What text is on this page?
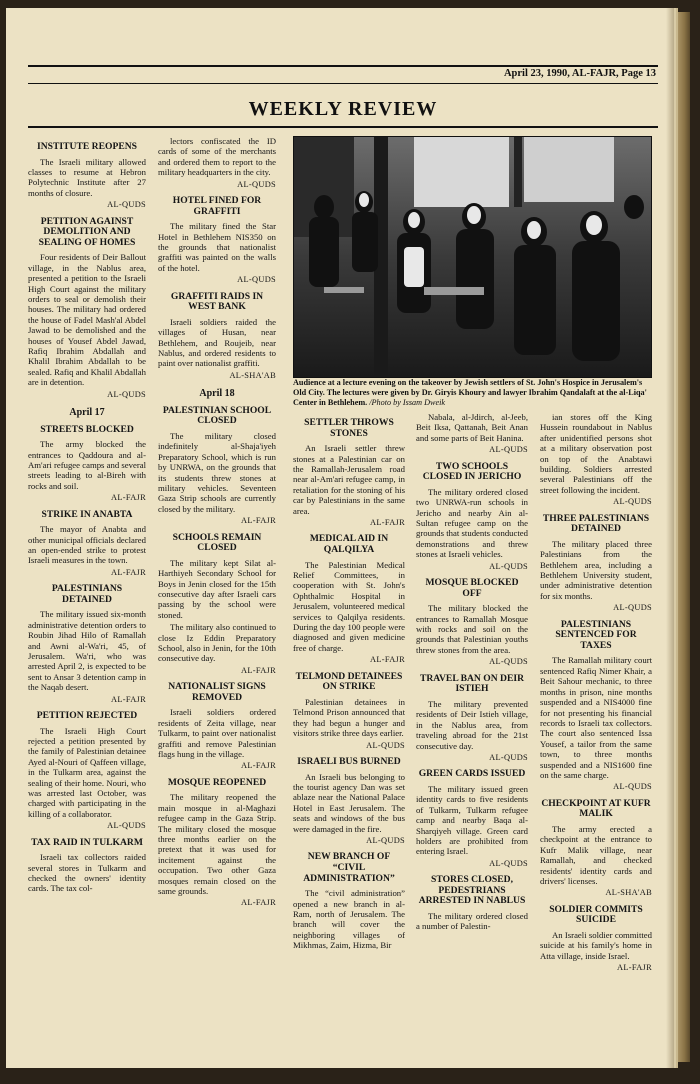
April 23, 1990, AL-FAJR, Page 13
WEEKLY REVIEW
INSTITUTE REOPENS

The Israeli military allowed classes to resume at Hebron Polytechnic Institute after 27 months of closure.

AL-QUDS
PETITION AGAINST DEMOLITION AND SEALING OF HOMES

Four residents of Deir Ballout village, in the Nablus area, presented a petition to the Israeli High Court against the military orders to seal or demolish their houses. The military had ordered the house of Fadel Mash'al Abdel Jawad to be demolished and the houses of Yousef Abdel Jawad, Rafiq Ibrahim Abdallah and Khalil Ibrahim Abdallah to be sealed. Rafiq and Khalil Abdallah are in detention.

AL-QUDS
April 17
STREETS BLOCKED

The army blocked the entrances to Qaddoura and al-Am'ari refugee camps and several streets leading to al-Bireh with rocks and soil.

AL-FAJR
STRIKE IN ANABTA

The mayor of Anabta and other municipal officials declared an open-ended strike to protest Israeli measures in the town.

AL-FAJR
PALESTINIANS DETAINED

The military issued six-month administrative detention orders to Roubin Jihad Hilo of Ramallah and Awni al-Wa'ri, 45, of Jerusalem. Wa'ri, who was arrested April 2, is expected to be sent to Ansar 3 detention camp in the Naqab desert.

AL-FAJR
PETITION REJECTED

The Israeli High Court rejected a petition presented by the family of Palestinian detainee Ayed al-Nouri of Qaffeen village, in the Tulkarm area, against the sealing of their home. Nouri, who was arrested last October, was charged with participating in the killing of a collaborator.

AL-QUDS
TAX RAID IN TULKARM

Israeli tax collectors raided several stores in Tulkarm and checked the owners' identity cards. The tax col-

lectors confiscated the ID cards of some of the merchants and ordered them to report to the military headquarters in the city.

AL-QUDS
HOTEL FINED FOR GRAFFITI

The military fined the Star Hotel in Bethlehem NIS350 on the grounds that nationalist graffiti was painted on the walls of the hotel.

AL-QUDS
GRAFFITI RAIDS IN WEST BANK

Israeli soldiers raided the villages of Husan, near Bethlehem, and Roujeib, near Nablus, and ordered residents to paint over nationalist graffiti.

AL-SHA'AB
April 18
PALESTINIAN SCHOOL CLOSED

The military closed indefinitely al-Shaja'iyeh Preparatory School, which is run by UNRWA, on the grounds that its students threw stones at military vehicles. Seventeen Gaza Strip schools are currently closed by the military.

AL-FAJR
SCHOOLS REMAIN CLOSED

The military kept Silat al-Harthiyeh Secondary School for Boys in Jenin closed for the 15th consecutive day after Israeli cars passing by the school were stoned.

The military also continued to close Iz Eddin Preparatory School, also in Jenin, for the 10th consecutive day.

AL-FAJR
NATIONALIST SIGNS REMOVED

Israeli soldiers ordered residents of Zeita village, near Tulkarm, to paint over nationalist graffiti and remove Palestinian flags hung in the village.

AL-FAJR
MOSQUE REOPENED

The military reopened the main mosque in al-Maghazi refugee camp in the Gaza Strip. The military closed the mosque three months earlier on the pretext that it was used for incitement against the occupation. Two other Gaza mosques remain closed on the same grounds.

AL-FAJR
Audience at a lecture evening on the takeover by Jewish settlers of St. John's Hospice in Jerusalem's Old City. The lectures were given by Dr. Giryis Khoury and lawyer Ibrahim Qandalaft at the al-Liqa' Center in Bethlehem. /Photo by Issam Dweik
SETTLER THROWS STONES

An Israeli settler threw stones at a Palestinian car on the Ramallah-Jerusalem road near al-Am'ari refugee camp, in retaliation for the stoning of his car by Palestinians in the same area.

AL-FAJR
MEDICAL AID IN QALQILYA

The Palestinian Medical Relief Committees, in cooperation with St. John's Ophthalmic Hospital in Jerusalem, volunteered medical services to Qalqilya residents. During the day 100 people were diagnosed and given medicine free of charge.

AL-FAJR
TELMOND DETAINEES ON STRIKE

Palestinian detainees in Telmond Prison announced that they had begun a hunger and visitors strike three days earlier.

AL-QUDS
ISRAELI BUS BURNED

An Israeli bus belonging to the tourist agency Dan was set ablaze near the National Palace Hotel in East Jerusalem. The seats and windows of the bus were damaged in the fire.

AL-QUDS
NEW BRANCH OF “CIVIL ADMINISTRATION”

The “civil administration” opened a new branch in al-Ram, north of Jerusalem. The branch will cover the neighboring villages of Mikhmas, Zaim, Hizma, Bir

Nabala, al-Jdirch, al-Jeeb, Beit Iksa, Qattanah, Beit Anan and some parts of Beit Hanina.

AL-QUDS
TWO SCHOOLS CLOSED IN JERICHO

The military ordered closed two UNRWA-run schools in Jericho and nearby Ain al-Sultan refugee camp on the grounds that students conducted demonstrations and threw stones at Israeli vehicles.

AL-QUDS
MOSQUE BLOCKED OFF

The military blocked the entrances to Ramallah Mosque with rocks and soil on the grounds that Palestinian youths threw stones from the area.

AL-QUDS
TRAVEL BAN ON DEIR ISTIEH

The military prevented residents of Deir Istieh village, in the Nablus area, from traveling abroad for the 21st consecutive day.

AL-QUDS
GREEN CARDS ISSUED

The military issued green identity cards to five residents of Tulkarm, Tulkarm refugee camp and nearby Baqa al-Sharqiyeh village. Green card holders are prohibited from entering Israel.

AL-QUDS
STORES CLOSED, PEDESTRIANS ARRESTED IN NABLUS

The military ordered closed a number of Palestin-

ian stores off the King Hussein roundabout in Nablus after unidentified persons shot at a military observation post on top of the Anabtawi building. Soldiers arrested several Palestinians off the street following the incident.

AL-QUDS
THREE PALESTINIANS DETAINED

The military placed three Palestinians from the Bethlehem area, including a Bethlehem University student, under administrative detention for six months.

AL-QUDS
PALESTINIANS SENTENCED FOR TAXES

The Ramallah military court sentenced Rafiq Nimer Khair, a Beit Sahour mechanic, to three months in prison, nine months suspended and a NIS4000 fine for not presenting his financial records to Israeli tax collectors. The court also sentenced Issa Yousef, a tailor from the same town, to three months suspended and a NIS1600 fine on the same charge.

AL-QUDS
CHECKPOINT AT KUFR MALIK

The army erected a checkpoint at the entrance to Kufr Malik village, near Ramallah, and checked residents' identity cards and drivers' licenses.

AL-SHA'AB
SOLDIER COMMITS SUICIDE

An Israeli soldier committed suicide at his family's home in Atta village, inside Israel.

AL-FAJR
